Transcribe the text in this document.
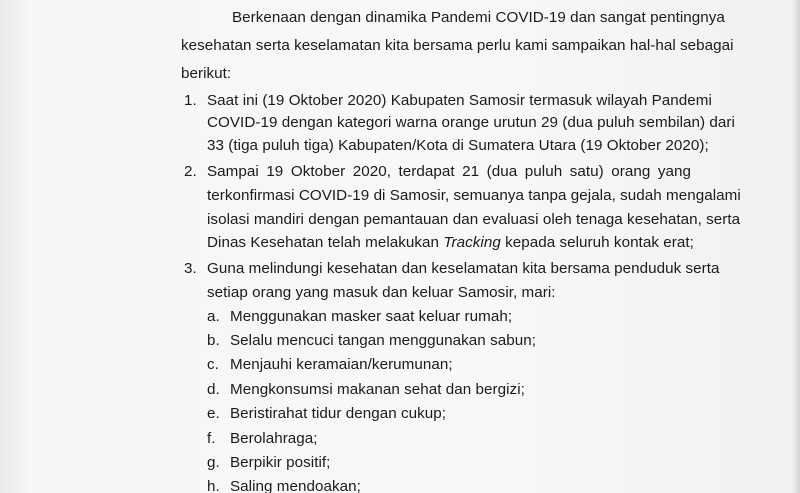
Berkenaan dengan dinamika Pandemi COVID-19 dan sangat pentingnya
kesehatan serta keselamatan kita bersama perlu kami sampaikan hal-hal sebagai
berikut:
1. Saat ini (19 Oktober 2020) Kabupaten Samosir termasuk wilayah Pandemi
COVID-19 dengan kategori warna orange urutun 29 (dua puluh sembilan) dari
33 (tiga puluh tiga) Kabupaten/Kota di Sumatera Utara (19 Oktober 2020);
2. Sampai 19 Oktober 2020, terdapat 21 (dua puluh satu) orang yang
terkonfirmasi COVID-19 di Samosir, semuanya tanpa gejala, sudah mengalami
isolasi mandiri dengan pemantauan dan evaluasi oleh tenaga kesehatan, serta
Dinas Kesehatan telah melakukan Tracking kepada seluruh kontak erat;
3. Guna melindungi kesehatan dan keselamatan kita bersama penduduk serta
setiap orang yang masuk dan keluar Samosir, mari:
a. Menggunakan masker saat keluar rumah;
b. Selalu mencuci tangan menggunakan sabun;
c. Menjauhi keramaian/kerumunan;
d. Mengkonsumsi makanan sehat dan bergizi;
e. Beristirahat tidur dengan cukup;
f. Berolahraga;
g. Berpikir positif;
h. Saling mendoakan;
